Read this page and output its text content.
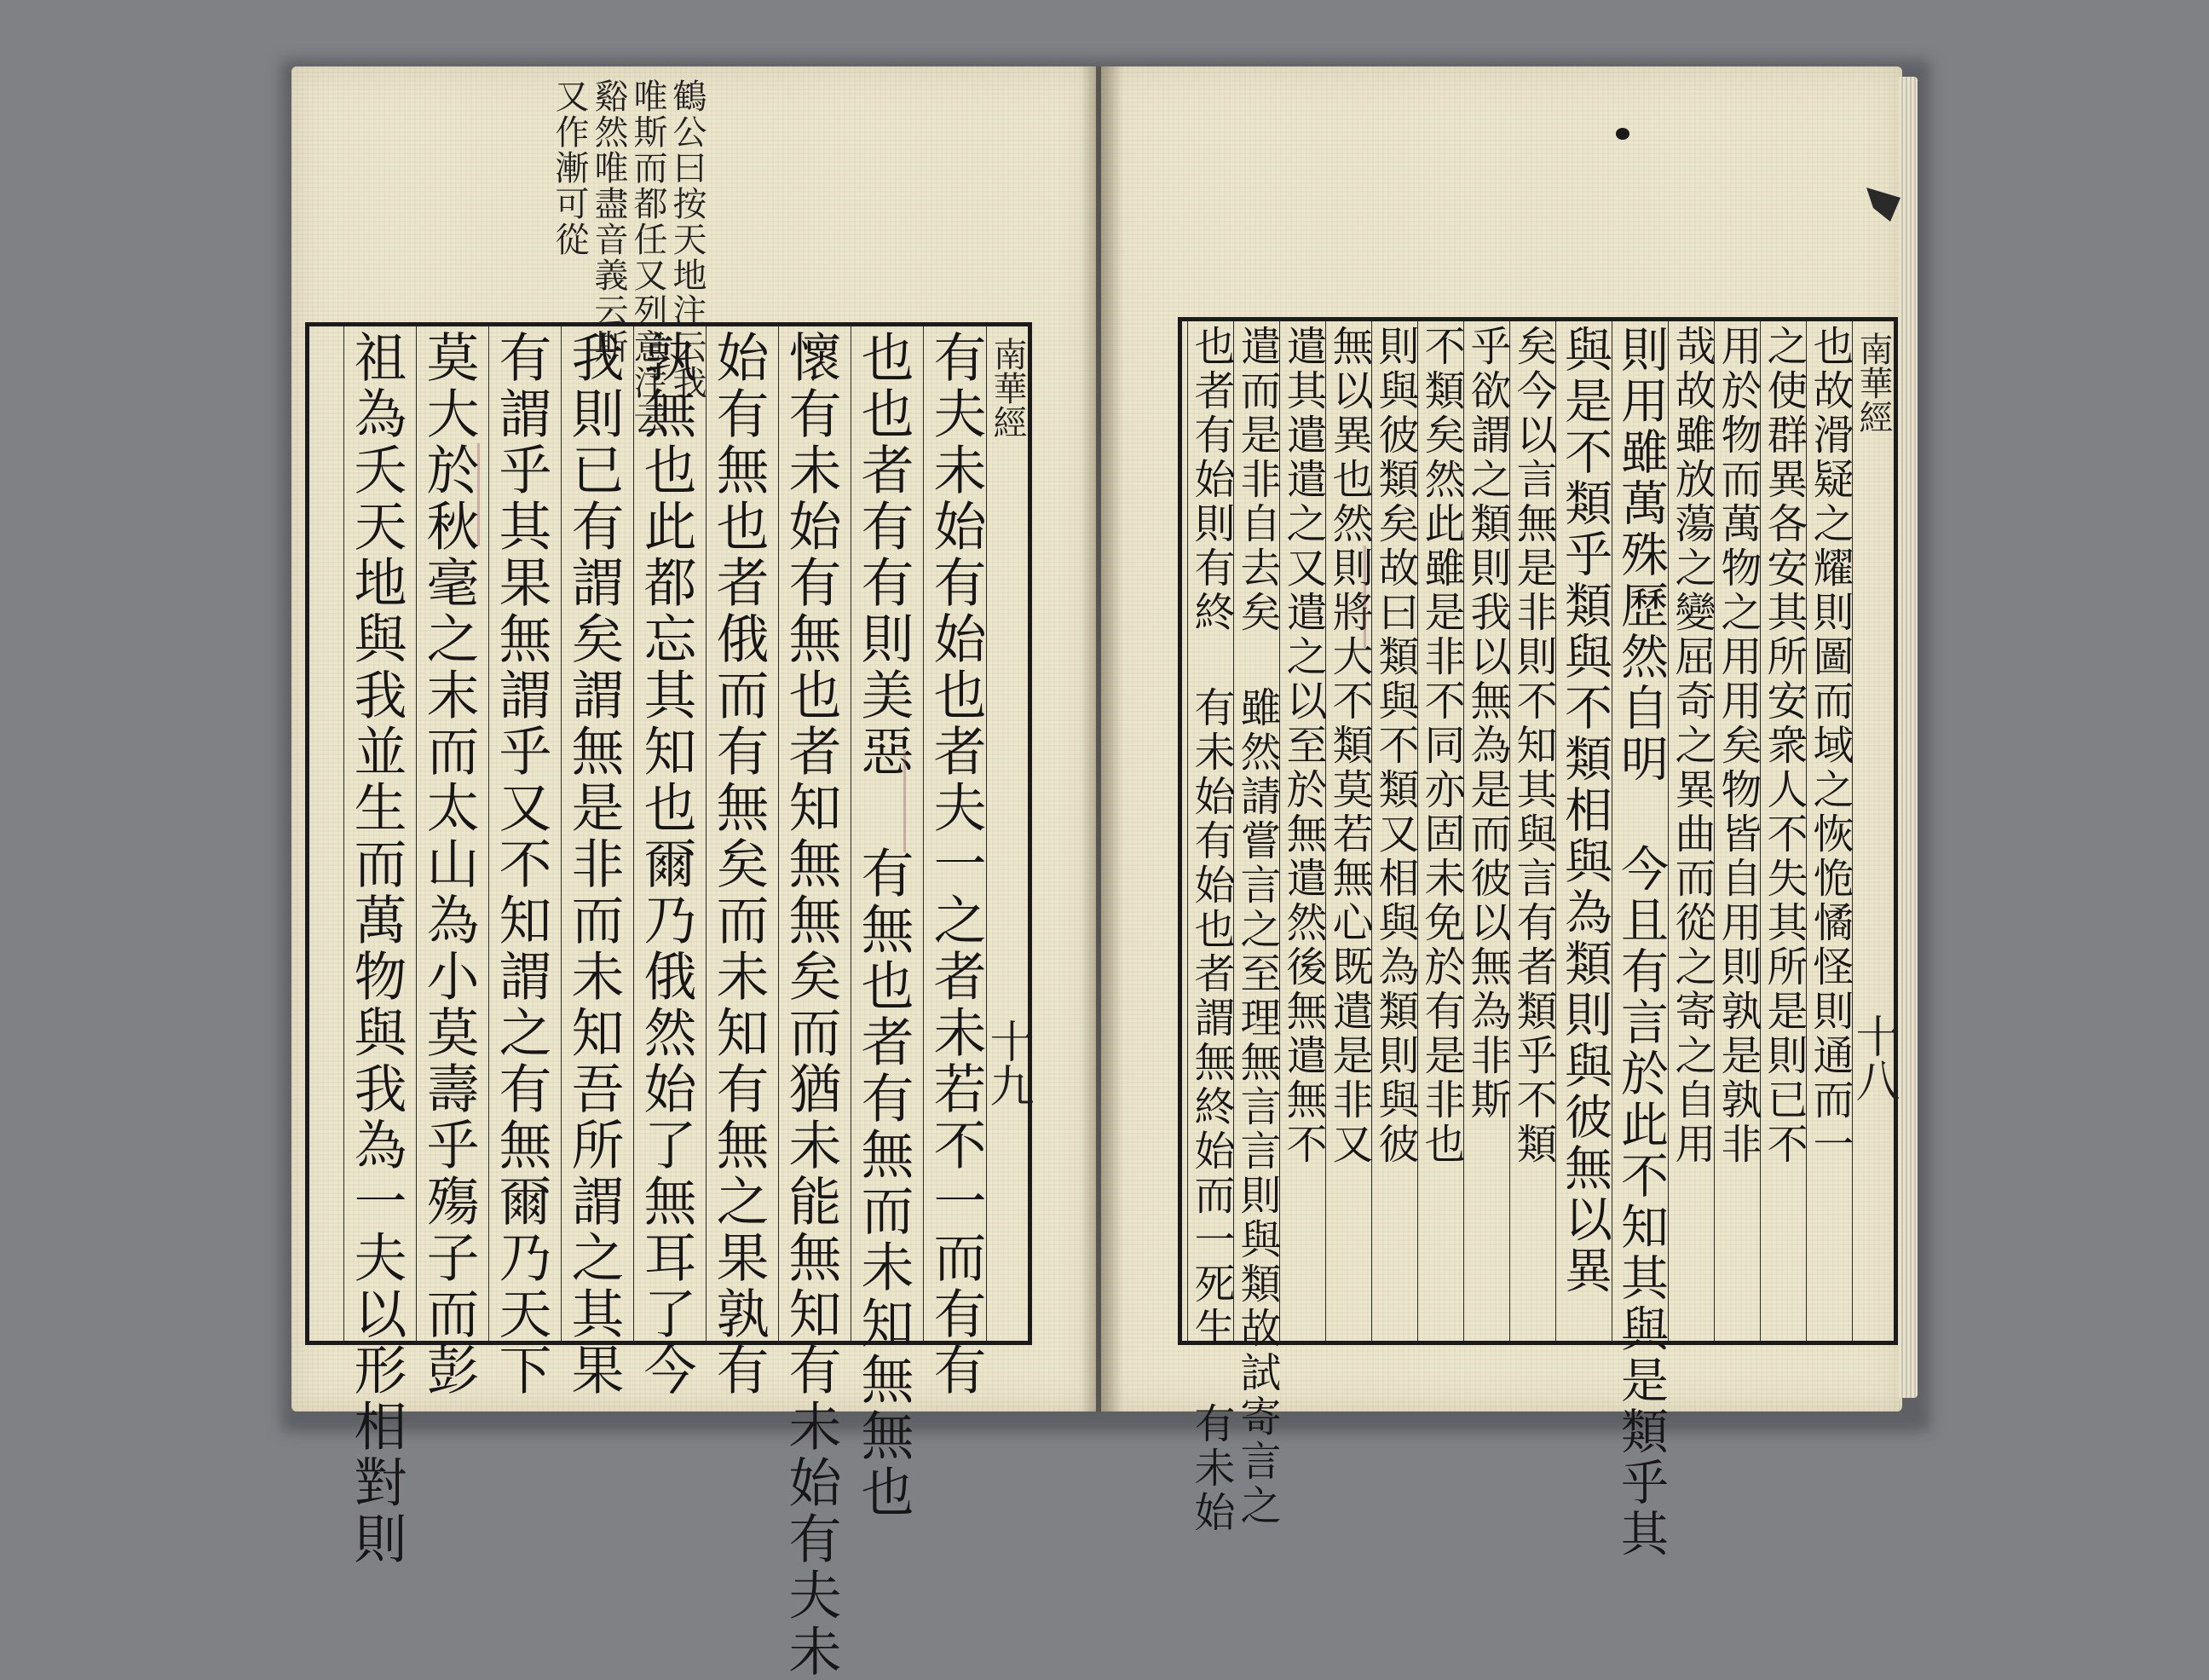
鶴公曰按天地注云我
唯斯而都任又列意注云
谿然唯盡音義云斯
又作漸可從
南華經
有夫未始有始也者夫一之者未若不一而有有
也也者有有則美惡 有無也者有無而未知無無也
懷有未始有無也者知無無矣而猶未能無知有未始有夫未
始有無也者俄而有無矣而未知有無之果孰有
孰無也此都忘其知也爾乃俄然始了無耳了今
我則已有謂矣謂無是非而未知吾所謂之其果
有謂乎其果無謂乎又不知謂之有無爾乃天下
莫大於秋毫之末而太山為小莫壽乎殤子而彭
祖為夭天地與我並生而萬物與我為一夫以形相對則	十九
南華經
也故滑疑之耀則圖而域之恢恑憰怪則通而一
之使群異各安其所安衆人不失其所是則已不
用於物而萬物之用用矣物皆自用則孰是孰非
哉故雖放蕩之變屈奇之異曲而從之寄之自用
則用雖萬殊歷然自明 今且有言於此不知其與是類乎其
與是不類乎類與不類相與為類則與彼無以異
矣今以言無是非則不知其與言有者類乎不類
乎欲謂之類則我以無為是而彼以無為非斯
不類矣然此雖是非不同亦固未免於有是非也
則與彼類矣故曰類與不類又相與為類則與彼
無以異也然則將大不類莫若無心既遣是非又
遣其遣遣之又遣之以至於無遣然後無遣無不
遣而是非自去矣 雖然請嘗言之至理無言言則與類故試寄言之
也者有始則有終 有未始有始也者謂無終始而一死生 有未始	十八
